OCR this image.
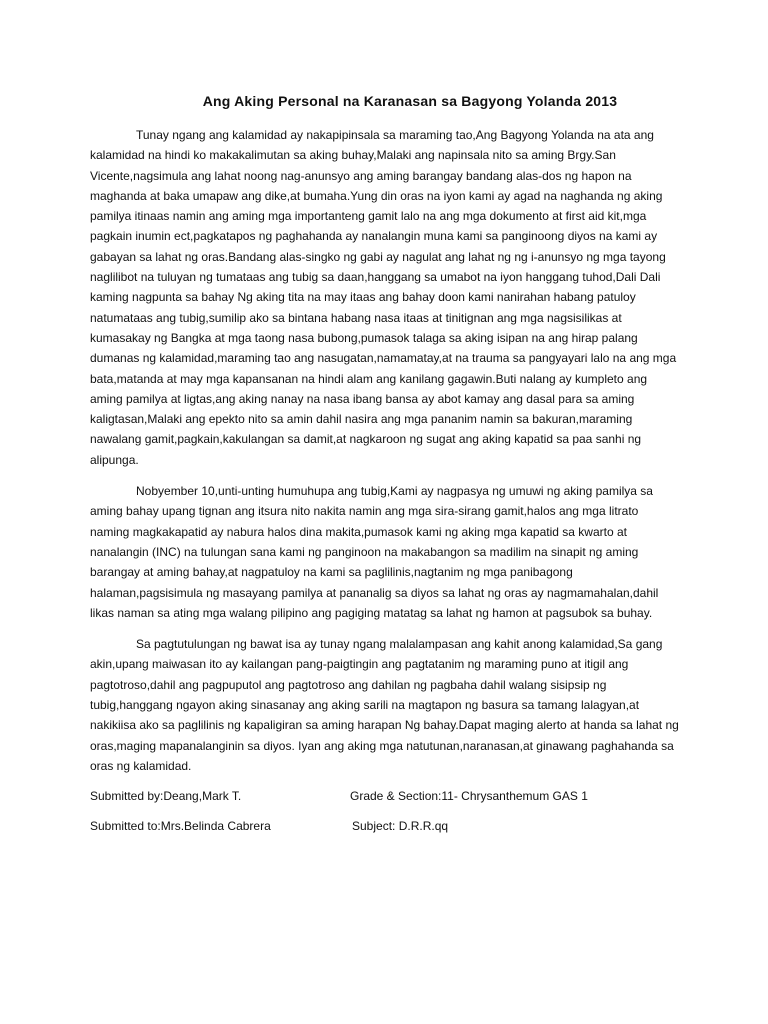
Ang Aking Personal na Karanasan sa Bagyong Yolanda 2013

Tunay ngang ang kalamidad ay nakapipinsala sa maraming tao,Ang Bagyong Yolanda na ata ang kalamidad na hindi ko makakalimutan sa aking buhay,Malaki ang napinsala nito sa aming Brgy.San Vicente,nagsimula ang lahat noong nag-anunsyo ang aming barangay bandang alas-dos ng hapon na maghanda at baka umapaw ang dike,at bumaha.Yung din oras na iyon kami ay agad na naghanda ng aking pamilya itinaas namin ang aming mga importanteng gamit lalo na ang mga dokumento at first aid kit,mga pagkain inumin ect,pagkatapos ng paghahanda ay nanalangin muna kami sa panginoong diyos na kami ay gabayan sa lahat ng oras.Bandang alas-singko ng gabi ay nagulat ang lahat ng ng i-anunsyo ng mga tayong naglilibot na tuluyan ng tumataas ang tubig sa daan,hanggang sa umabot na iyon hanggang tuhod,Dali Dali kaming nagpunta sa bahay Ng aking tita na may itaas ang bahay doon kami nanirahan habang patuloy natumataas ang tubig,sumilip ako sa bintana habang nasa itaas at tinitignan ang mga nagsisilikas at kumasakay ng Bangka at mga taong nasa bubong,pumasok talaga sa aking isipan na ang hirap palang dumanas ng kalamidad,maraming tao ang nasugatan,namamatay,at na trauma sa pangyayari lalo na ang mga bata,matanda at may mga kapansanan na hindi alam ang kanilang gagawin.Buti nalang ay kumpleto ang aming pamilya at ligtas,ang aking nanay na nasa ibang bansa ay abot kamay ang dasal para sa aming kaligtasan,Malaki ang epekto nito sa amin dahil nasira ang mga pananim namin sa bakuran,maraming nawalang gamit,pagkain,kakulangan sa damit,at nagkaroon ng sugat ang aking kapatid sa paa sanhi ng alipunga.

Nobyember 10,unti-unting humuhupa ang tubig,Kami ay nagpasya ng umuwi ng aking pamilya sa aming bahay upang tignan ang itsura nito nakita namin ang mga sira-sirang gamit,halos ang mga litrato naming magkakapatid ay nabura halos dina makita,pumasok kami ng aking mga kapatid sa kwarto at nanalangin (INC) na tulungan sana kami ng panginoon na makabangon sa madilim na sinapit ng aming barangay at aming bahay,at nagpatuloy na kami sa paglilinis,nagtanim ng mga panibagong halaman,pagsisimula ng masayang pamilya at pananalig sa diyos sa lahat ng oras ay nagmamahalan,dahil likas naman sa ating mga walang pilipino ang pagiging matatag sa lahat ng hamon at pagsubok sa buhay.

Sa pagtutulungan ng bawat isa ay tunay ngang malalampasan ang kahit anong kalamidad,Sa gang akin,upang maiwasan ito ay kailangan pang-paigtingin ang pagtatanim ng maraming puno at itigil ang pagtotroso,dahil ang pagpuputol ang pagtotroso ang dahilan ng pagbaha dahil walang sisipsip ng tubig,hanggang ngayon aking sinasanay ang aking sarili na magtapon ng basura sa tamang lalagyan,at nakikiisa ako sa paglilinis ng kapaligiran sa aming harapan Ng bahay.Dapat maging alerto at handa sa lahat ng oras,maging mapanalanginin sa diyos. Iyan ang aking mga natutunan,naranasan,at ginawang paghahanda sa oras ng kalamidad.

Submitted by:Deang,Mark T.	Grade & Section:11- Chrysanthemum GAS 1
Submitted to:Mrs.Belinda Cabrera	Subject: D.R.R.qq
